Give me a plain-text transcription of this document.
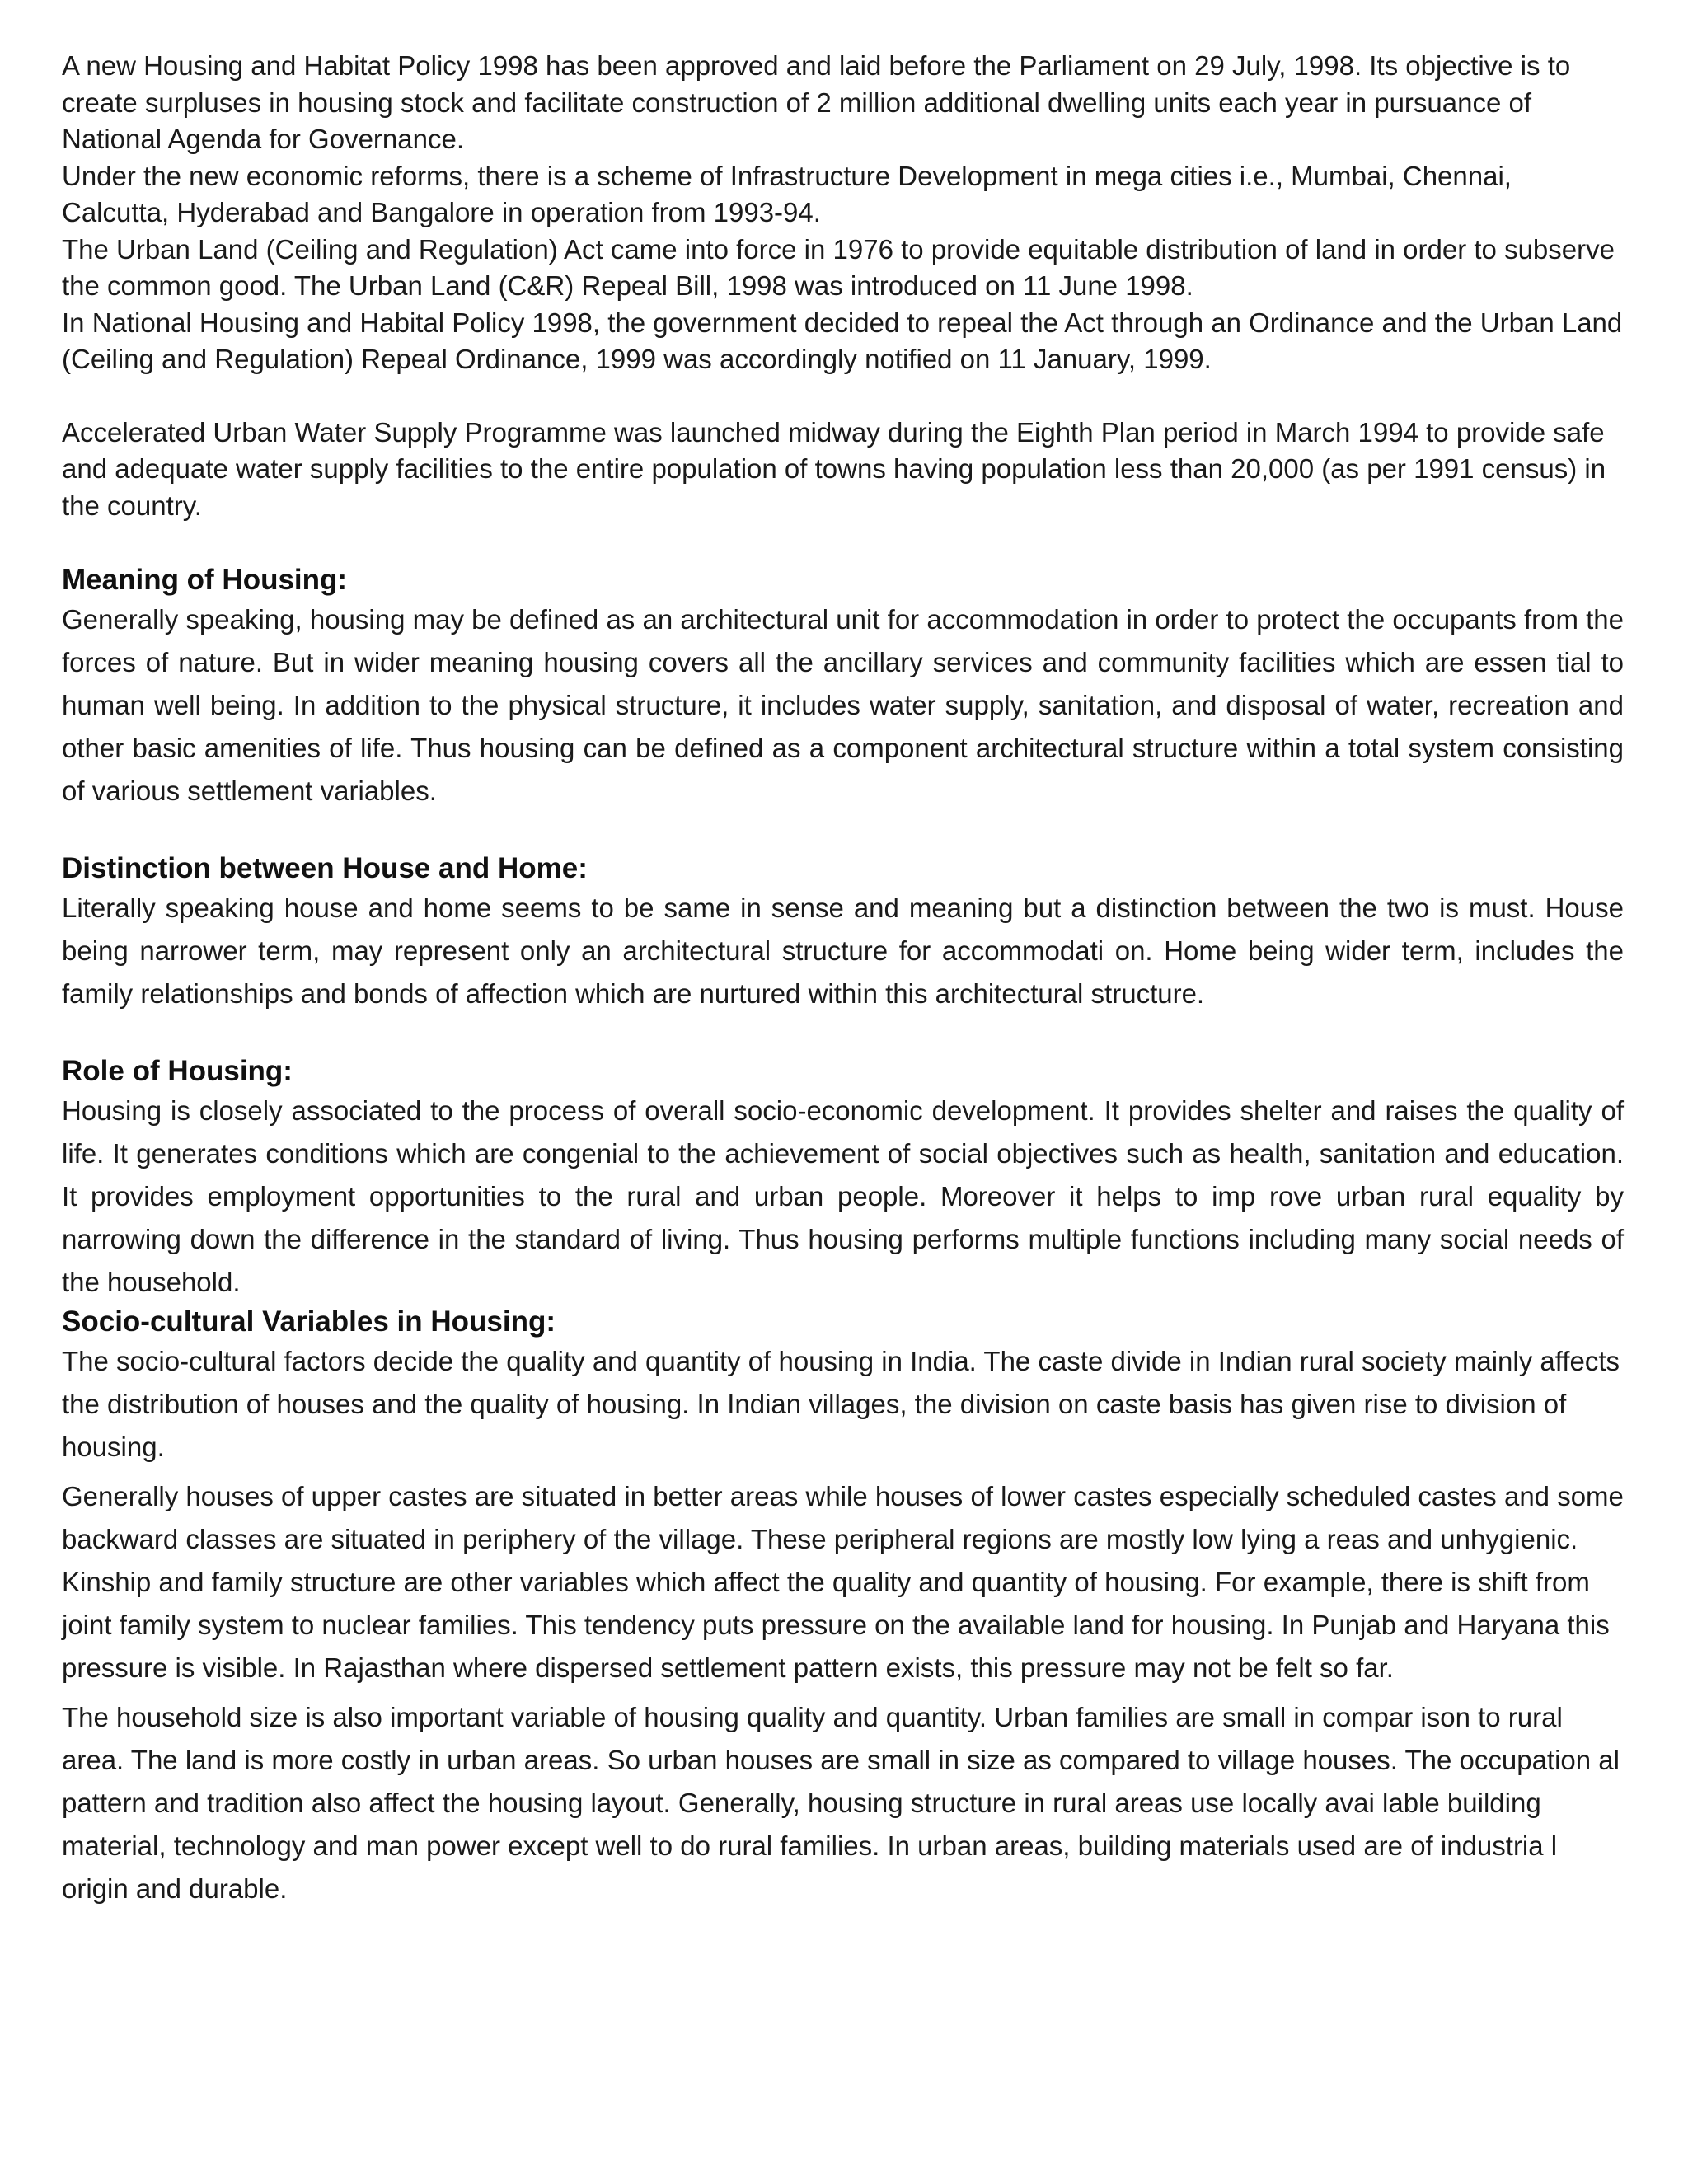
A new Housing and Habitat Policy 1998 has been approved and laid before the Parliament on 29 July, 1998. Its objective is to create surpluses in housing stock and facilitate construction of 2 million additional dwelling units each year in pursuance of National Agenda for Governance.

Under the new economic reforms, there is a scheme of Infrastructure Development in mega cities i.e., Mumbai, Chennai, Calcutta, Hyderabad and Bangalore in operation from 1993-94.

The Urban Land (Ceiling and Regulation) Act came into force in 1976 to provide equitable distribution of land in order to subserve the common good. The Urban Land (C&R) Repeal Bill, 1998 was introduced on 11 June 1998.

In National Housing and Habital Policy 1998, the government decided to repeal the Act through an Ordinance and the Urban Land (Ceiling and Regulation) Repeal Ordinance, 1999 was accordingly notified on 11 January, 1999.

Accelerated Urban Water Supply Programme was launched midway during the Eighth Plan period in March 1994 to provide safe and adequate water supply facilities to the entire population of towns having population less than 20,000 (as per 1991 census) in the country.

Meaning of Housing:

Generally speaking, housing may be defined as an architectural unit for accommodation in order to protect the occupants from the forces of nature. But in wider meaning housing covers all the ancillary services and community facilities which are essen tial to human well being. In addition to the physical structure, it includes water supply, sanitation, and disposal of water, recreation and other basic amenities of life. Thus housing can be defined as a component architectural structure within a total system consisting of various settlement variables.

Distinction between House and Home:

Literally speaking house and home seems to be same in sense and meaning but a distinction between the two is must. House being narrower term, may represent only an architectural structure for accommodati on. Home being wider term, includes the family relationships and bonds of affection which are nurtured within this architectural structure.

Role of Housing:

Housing is closely associated to the process of overall socio-economic development. It provides shelter and raises the quality of life. It generates conditions which are congenial to the achievement of social objectives such as health, sanitation and education. It provides employment opportunities to the rural and urban people. Moreover it helps to imp rove urban rural equality by narrowing down the difference in the standard of living. Thus housing performs multiple functions including many social needs of the household.

Socio-cultural Variables in Housing:

The socio-cultural factors decide the quality and quantity of housing in India. The caste divide in Indian rural society mainly affects the distribution of houses and the quality of housing. In Indian villages, the division on caste basis has given rise to division of housing.

Generally houses of upper castes are situated in better areas while houses of lower castes especially scheduled castes and some backward classes are situated in periphery of the village. These peripheral regions are mostly low lying a reas and unhygienic. Kinship and family structure are other variables which affect the quality and quantity of housing. For example, there is shift from joint family system to nuclear families. This tendency puts pressure on the available land for housing. In Punjab and Haryana this pressure is visible. In Rajasthan where dispersed settlement pattern exists, this pressure may not be felt so far.

The household size is also important variable of housing quality and quantity. Urban families are small in compar ison to rural area. The land is more costly in urban areas. So urban houses are small in size as compared to village houses. The occupation al pattern and tradition also affect the housing layout. Generally, housing structure in rural areas use locally avai lable building material, technology and man power except well to do rural families. In urban areas, building materials used are of industria l origin and durable.
